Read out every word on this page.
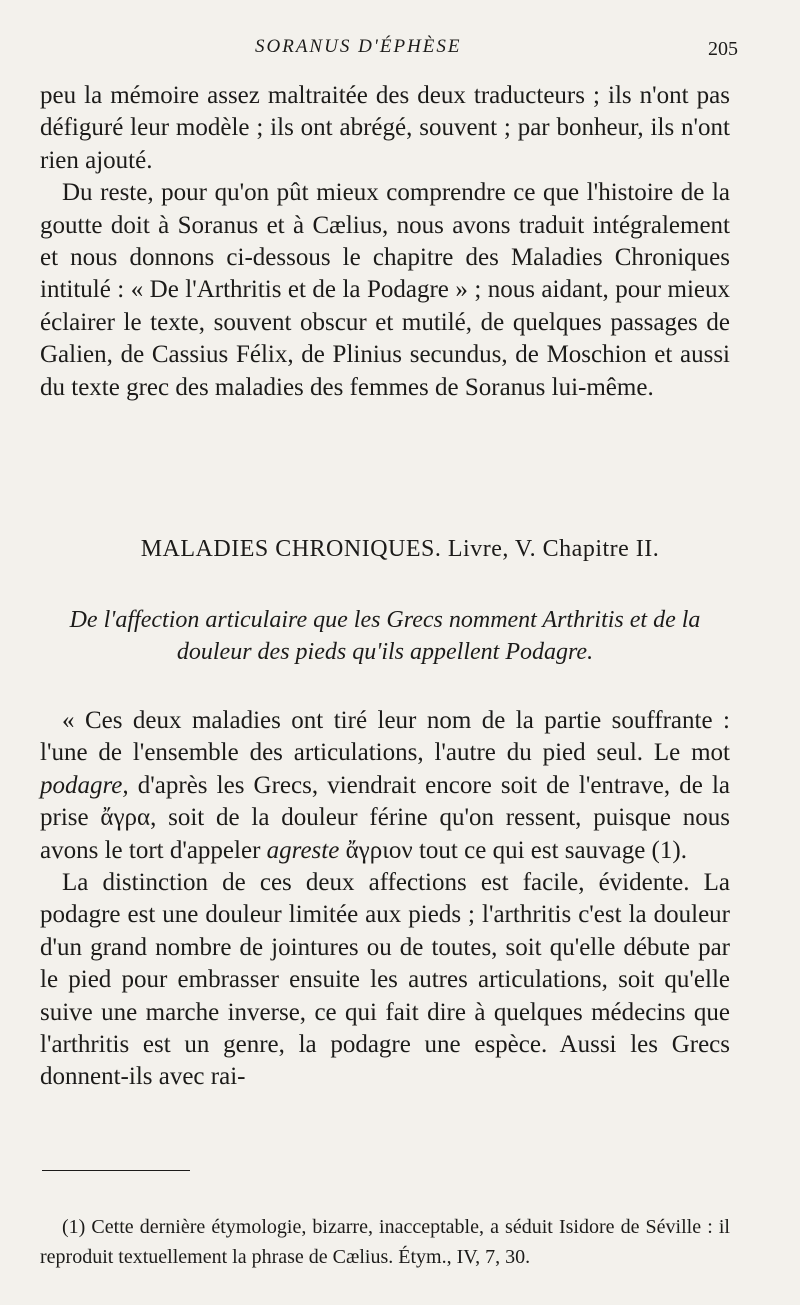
SORANUS D'ÉPHÈSE	205

peu la mémoire assez maltraitée des deux traducteurs ; ils n'ont pas défiguré leur modèle ; ils ont abrégé, souvent ; par bonheur, ils n'ont rien ajouté.

Du reste, pour qu'on pût mieux comprendre ce que l'histoire de la goutte doit à Soranus et à Cælius, nous avons traduit intégralement et nous donnons ci-dessous le chapitre des Maladies Chroniques intitulé : « De l'Arthritis et de la Podagre » ; nous aidant, pour mieux éclairer le texte, souvent obscur et mutilé, de quelques passages de Galien, de Cassius Félix, de Plinius secundus, de Moschion et aussi du texte grec des maladies des femmes de Soranus lui-même.

MALADIES CHRONIQUES. Livre, V. Chapitre II.
De l'affection articulaire que les Grecs nomment Arthritis et de la douleur des pieds qu'ils appellent Podagre.

« Ces deux maladies ont tiré leur nom de la partie souffrante : l'une de l'ensemble des articulations, l'autre du pied seul. Le mot podagre, d'après les Grecs, viendrait encore soit de l'entrave, de la prise ἄγρα, soit de la douleur férine qu'on ressent, puisque nous avons le tort d'appeler agreste ἄγριον tout ce qui est sauvage (1).

La distinction de ces deux affections est facile, évidente. La podagre est une douleur limitée aux pieds ; l'arthritis c'est la douleur d'un grand nombre de jointures ou de toutes, soit qu'elle débute par le pied pour embrasser ensuite les autres articulations, soit qu'elle suive une marche inverse, ce qui fait dire à quelques médecins que l'arthritis est un genre, la podagre une espèce. Aussi les Grecs donnent-ils avec rai-

(1) Cette dernière étymologie, bizarre, inacceptable, a séduit Isidore de Séville : il reproduit textuellement la phrase de Cælius. Étym., IV, 7, 30.
